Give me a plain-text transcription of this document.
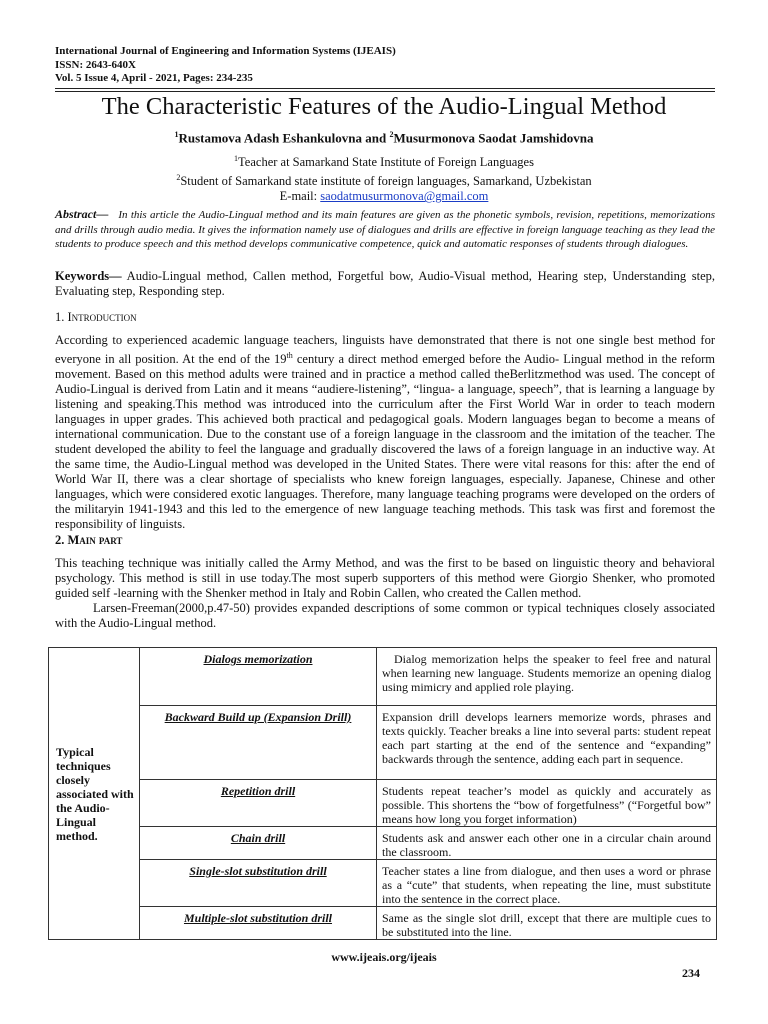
International Journal of Engineering and Information Systems (IJEAIS)
ISSN: 2643-640X
Vol. 5 Issue 4, April - 2021, Pages: 234-235
The Characteristic Features of the Audio-Lingual Method
$^1$Rustamova Adash Eshankulovna and $^2$Musurmonova Saodat Jamshidovna
$^1$Teacher at Samarkand State Institute of Foreign Languages
$^2$Student of Samarkand state institute of foreign languages, Samarkand, Uzbekistan
E-mail: saodatmusurmonova@gmail.com
Abstract— In this article the Audio-Lingual method and its main features are given as the phonetic symbols, revision, repetitions, memorizations and drills through audio media. It gives the information namely use of dialogues and drills are effective in foreign language teaching as they lead the students to produce speech and this method develops communicative competence, quick and automatic responses of students through dialogues.
Keywords— Audio-Lingual method, Callen method, Forgetful bow, Audio-Visual method, Hearing step, Understanding step, Evaluating step, Responding step.
1. Introduction
According to experienced academic language teachers, linguists have demonstrated that there is not one single best method for everyone in all position. At the end of the 19th century a direct method emerged before the Audio- Lingual method in the reform movement. Based on this method adults were trained and in practice a method called theBerlitzmethod was used. The concept of Audio-Lingual is derived from Latin and it means “audiere-listening”, “lingua- a language, speech”, that is learning a language by listening and speaking.This method was introduced into the curriculum after the First World War in order to teach modern languages in upper grades. This achieved both practical and pedagogical goals. Modern languages began to become a means of international communication. Due to the constant use of a foreign language in the classroom and the imitation of the teacher. The student developed the ability to feel the language and gradually discovered the laws of a foreign language in an inductive way. At the same time, the Audio-Lingual method was developed in the United States. There were vital reasons for this: after the end of World War II, there was a clear shortage of specialists who knew foreign languages, especially. Japanese, Chinese and other languages, which were considered exotic languages. Therefore, many language teaching programs were developed on the orders of the militaryin 1941-1943 and this led to the emergence of new language teaching methods. This task was first and foremost the responsibility of linguists.
2. Main part
This teaching technique was initially called the Army Method, and was the first to be based on linguistic theory and behavioral psychology. This method is still in use today.The most superb supporters of this method were Giorgio Shenker, who promoted guided self -learning with the Shenker method in Italy and Robin Callen, who created the Callen method.
Larsen-Freeman(2000,p.47-50) provides expanded descriptions of some common or typical techniques closely associated with the Audio-Lingual method.
Typical techniques closely associated with the Audio-Lingual method.	Dialogs memorization	Dialog memorization helps the speaker to feel free and natural when learning new language. Students memorize an opening dialog using mimicry and applied role playing.
	Backward Build up (Expansion Drill)	Expansion drill develops learners memorize words, phrases and texts quickly. Teacher breaks a line into several parts: student repeat each part starting at the end of the sentence and “expanding” backwards through the sentence, adding each part in sequence.
	Repetition drill	Students repeat teacher’s model as quickly and accurately as possible. This shortens the “bow of forgetfulness” (“Forgetful bow” means how long you forget information)
	Chain drill	Students ask and answer each other one in a circular chain around the classroom.
	Single-slot substitution drill	Teacher states a line from dialogue, and then uses a word or phrase as a “cute” that students, when repeating the line, must substitute into the sentence in the correct place.
	Multiple-slot substitution drill	Same as the single slot drill, except that there are multiple cues to be substituted into the line.
www.ijeais.org/ijeais
234
